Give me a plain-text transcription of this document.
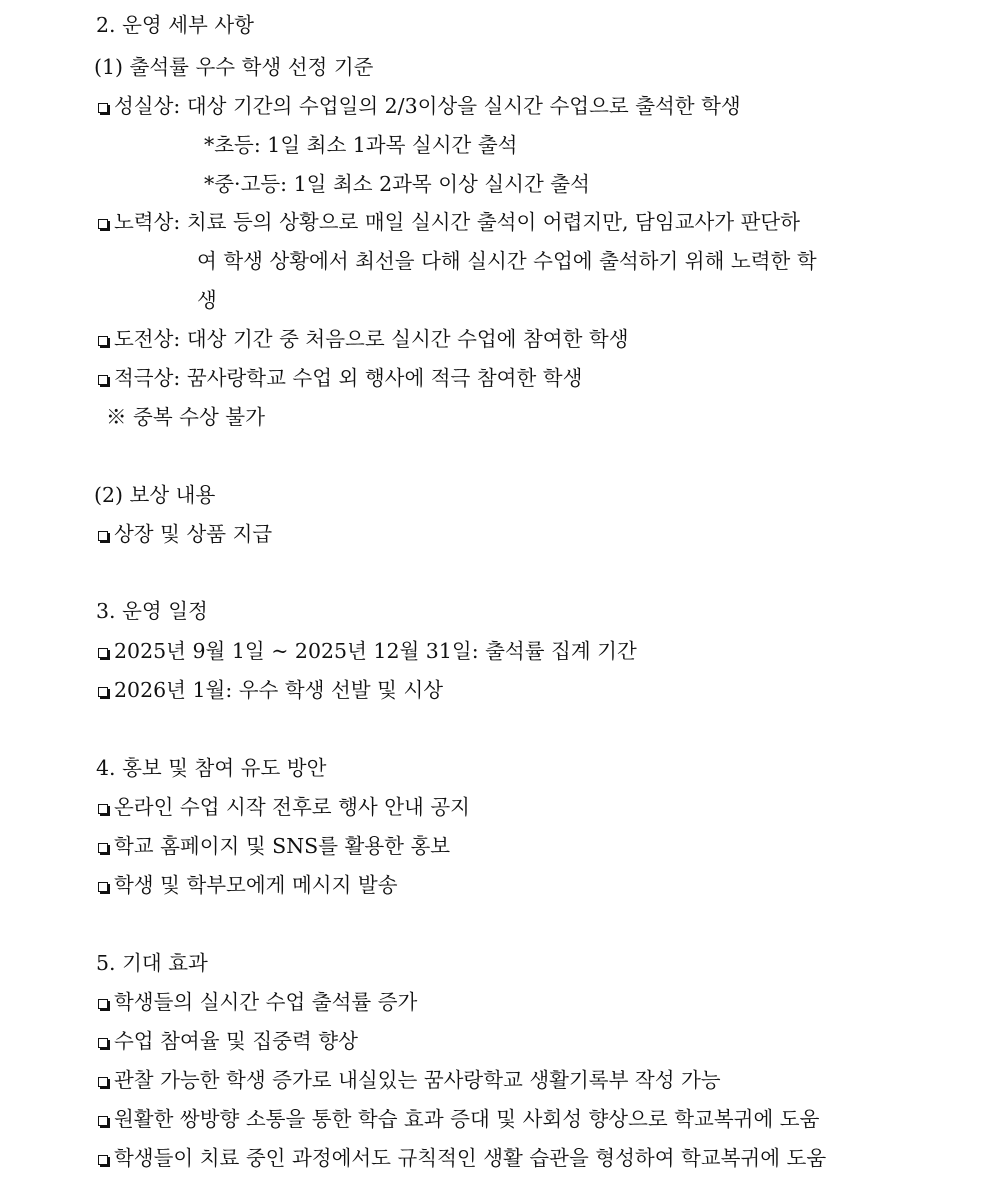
2. 운영 세부 사항
(1) 출석률 우수 학생 선정 기준
성실상:
대상 기간의 수업일의 2/3이상을 실시간 수업으로 출석한 학생
*초등: 1일 최소 1과목 실시간 출석
*중·고등: 1일 최소 2과목 이상 실시간 출석
노력상:
치료 등의 상황으로 매일 실시간 출석이 어렵지만, 담임교사가 판단하
여 학생 상황에서 최선을 다해 실시간 수업에 출석하기 위해 노력한 학
생
도전상:
대상 기간 중 처음으로 실시간 수업에 참여한 학생
적극상:
꿈사랑학교 수업 외 행사에 적극 참여한 학생
※ 중복 수상 불가
(2) 보상 내용
상장 및 상품 지급
3. 운영 일정
2025년 9월 1일 ~ 2025년 12월 31일: 출석률 집계 기간
2026년 1월: 우수 학생 선발 및 시상
4. 홍보 및 참여 유도 방안
온라인 수업 시작 전후로 행사 안내 공지
학교 홈페이지 및 SNS를 활용한 홍보
학생 및 학부모에게 메시지 발송
5. 기대 효과
학생들의 실시간 수업 출석률 증가
수업 참여율 및 집중력 향상
관찰 가능한 학생 증가로 내실있는 꿈사랑학교 생활기록부 작성 가능
원활한 쌍방향 소통을 통한 학습 효과 증대 및 사회성 향상으로 학교복귀에 도움
학생들이 치료 중인 과정에서도 규칙적인 생활 습관을 형성하여 학교복귀에 도움
